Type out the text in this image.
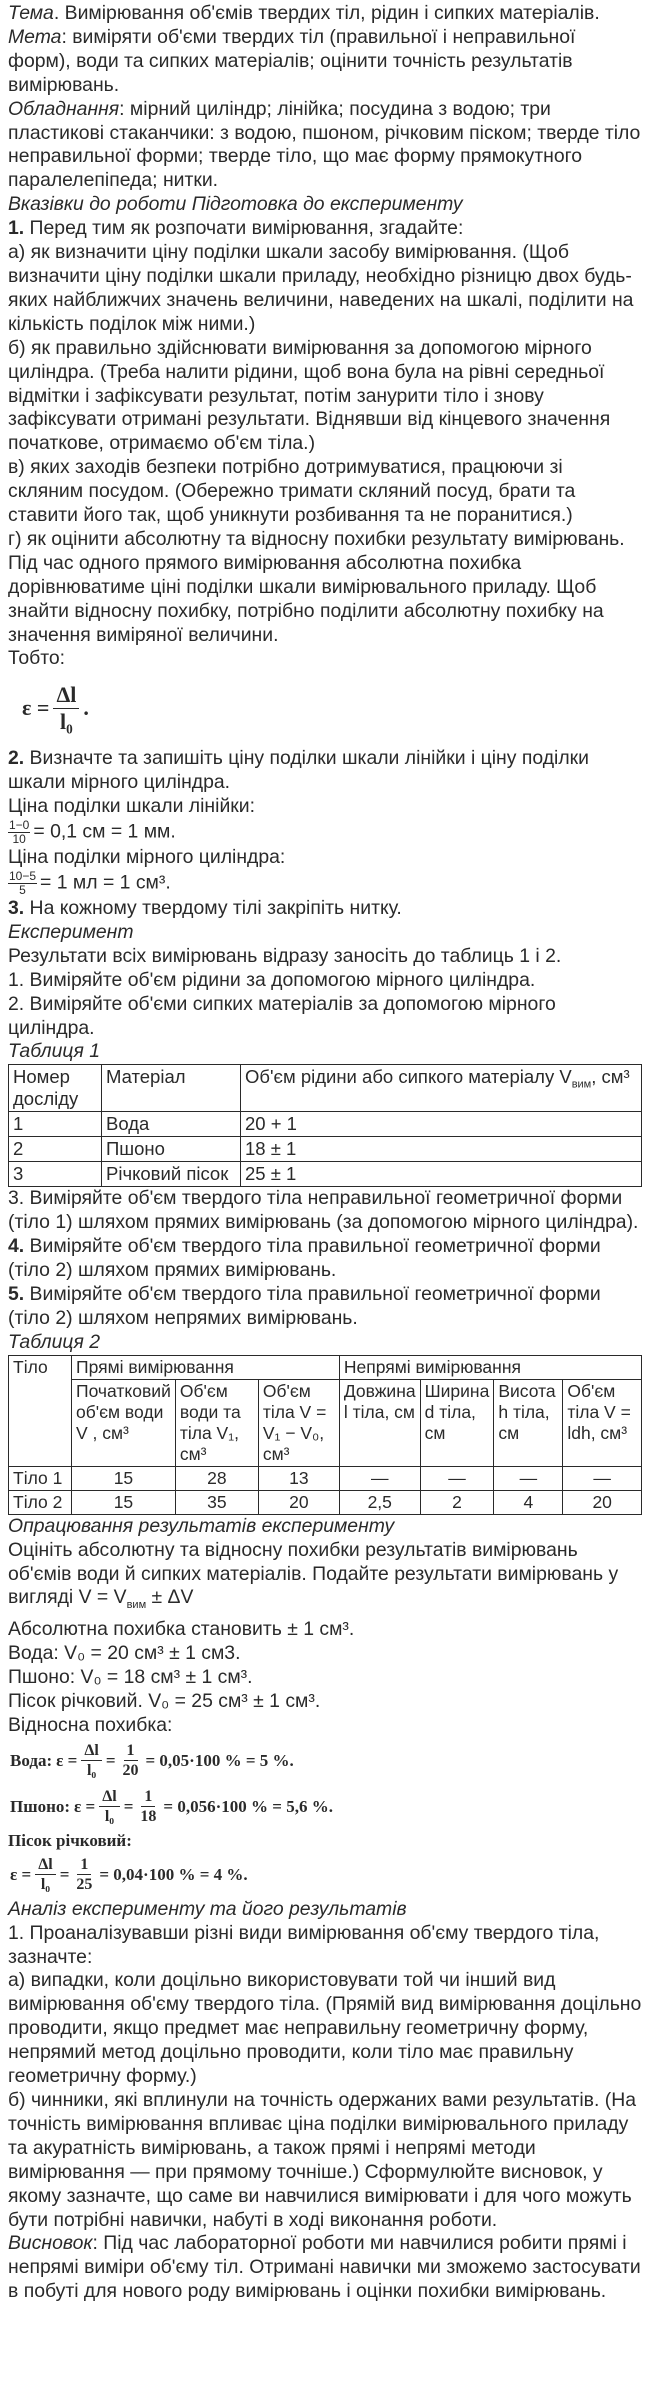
Тема. Вимірювання об'ємів твердих тіл, рідин і сипких матеріалів.

Мета: виміряти об'єми твердих тіл (правильної і неправильної форм), води та сипких матеріалів; оцінити точність результатів вимірювань.

Обладнання: мірний циліндр; лінійка; посудина з водою; три пластикові стаканчики: з водою, пшоном, річковим піском; тверде тіло неправильної форми; тверде тіло, що має форму прямокутного паралелепіпеда; нитки.

Вказівки до роботи Підготовка до експерименту

1. Перед тим як розпочати вимірювання, згадайте:

а) як визначити ціну поділки шкали засобу вимірювання. (Щоб визначити ціну поділки шкали приладу, необхідно різницю двох будь-яких найближчих значень величини, наведених на шкалі, поділити на кількість поділок між ними.)

б) як правильно здійснювати вимірювання за допомогою мірного циліндра. (Треба налити рідини, щоб вона була на рівні середньої відмітки і зафіксувати результат, потім занурити тіло і знову зафіксувати отримані результати. Віднявши від кінцевого значення початкове, отримаємо об'єм тіла.)

в) яких заходів безпеки потрібно дотримуватися, працюючи зі скляним посудом. (Обережно тримати скляний посуд, брати та ставити його так, щоб уникнути розбивання та не поранитися.)

г) як оцінити абсолютну та відносну похибки результату вимірювань.

Під час одного прямого вимірювання абсолютна похибка дорівнюватиме ціні поділки шкали вимірювального приладу. Щоб знайти відносну похибку, потрібно поділити абсолютну похибку на значення виміряної величини.

Тобто:

$\varepsilon = \frac{\Delta l}{\text{l₀}}$ .

2. Визначте та запишіть ціну поділки шкали лінійки і ціну поділки шкали мірного циліндра.

Ціна поділки шкали лінійки:

$\frac{1-0}{10} = 0,1$ см = 1 мм.

Ціна поділки мірного циліндра:

$\frac{10-5}{5} = 1$ мл = 1 см³.

3. На кожному твердому тілі закріпіть нитку.

Експеримент

Результати всіх вимірювань відразу заносіть до таблиць 1 і 2.

1. Виміряйте об'єм рідини за допомогою мірного циліндра.

2. Виміряйте об'єми сипких матеріалів за допомогою мірного циліндра.

Таблиця 1

Номер досліду	Матеріал	Об'єм рідини або сипкого матеріалу $V_{вим}$, см³
1	Вода	20 + 1
2	Пшоно	18 ± 1
3	Річковий пісок	25 ± 1

3. Виміряйте об'єм твердого тіла неправильної геометричної форми (тіло 1) шляхом прямих вимірювань (за допомогою мірного циліндра).

4. Виміряйте об'єм твердого тіла правильної геометричної форми (тіло 2) шляхом прямих вимірювань.

5. Виміряйте об'єм твердого тіла правильної геометричної форми (тіло 2) шляхом непрямих вимірювань.

Таблиця 2

Тіло	Прямі вимірювання			Непрямі вимірювання			
	Початковий об'єм води V , см³	Об'єм води та тіла V₁, см³	Об'єм тіла V = V₁ − V₀, см³	Довжина l тіла, см	Ширина d тіла, см	Висота h тіла, см	Об'єм тіла V = ldh, см³
Тіло 1	15	28	13	—	—	—	—
Тіло 2	15	35	20	2,5	2	4	20

Опрацювання результатів експерименту

Оцініть абсолютну та відносну похибки результатів вимірювань об'ємів води й сипких матеріалів. Подайте результати вимірювань у вигляді $V = V_{вим} \pm \Delta V$

Абсолютна похибка становить ± 1 см³.

Вода: V₀ = 20 см³ ± 1 см3.

Пшоно: V₀ = 18 см³ ± 1 см³.

Пісок річковий. V₀ = 25 см³ ± 1 см³.

Відносна похибка:

Вода: $\varepsilon = \frac{\Delta l}{\text{l₀}} = \frac{1}{20} = 0,05\cdot 100$ % = 5 %.
Пшоно: $\varepsilon = \frac{\Delta l}{\text{l₀}} = \frac{1}{18} = 0,056\cdot 100$ % = 5,6 %.

Пісок річковий:

$\varepsilon = \frac{\Delta l}{\text{l₀}} = \frac{1}{25} = 0,04\cdot 100$ % = 4 %.

Аналіз експерименту та його результатів

1. Проаналізувавши різні види вимірювання об'єму твердого тіла, зазначте:

а) випадки, коли доцільно використовувати той чи інший вид вимірювання об'єму твердого тіла. (Прямій вид вимірювання доцільно проводити, якщо предмет має неправильну геометричну форму, непрямий метод доцільно проводити, коли тіло має правильну геометричну форму.)

б) чинники, які вплинули на точність одержаних вами результатів. (На точність вимірювання впливає ціна поділки вимірювального приладу та акуратність вимірювань, а також прямі і непрямі методи вимірювання — при прямому точніше.) Сформулюйте висновок, у якому зазначте, що саме ви навчилися вимірювати і для чого можуть бути потрібні навички, набуті в ході виконання роботи.

Висновок: Під час лабораторної роботи ми навчилися робити прямі і непрямі виміри об'єму тіл. Отримані навички ми зможемо застосувати в побуті для нового роду вимірювань і оцінки похибки вимірювань.
